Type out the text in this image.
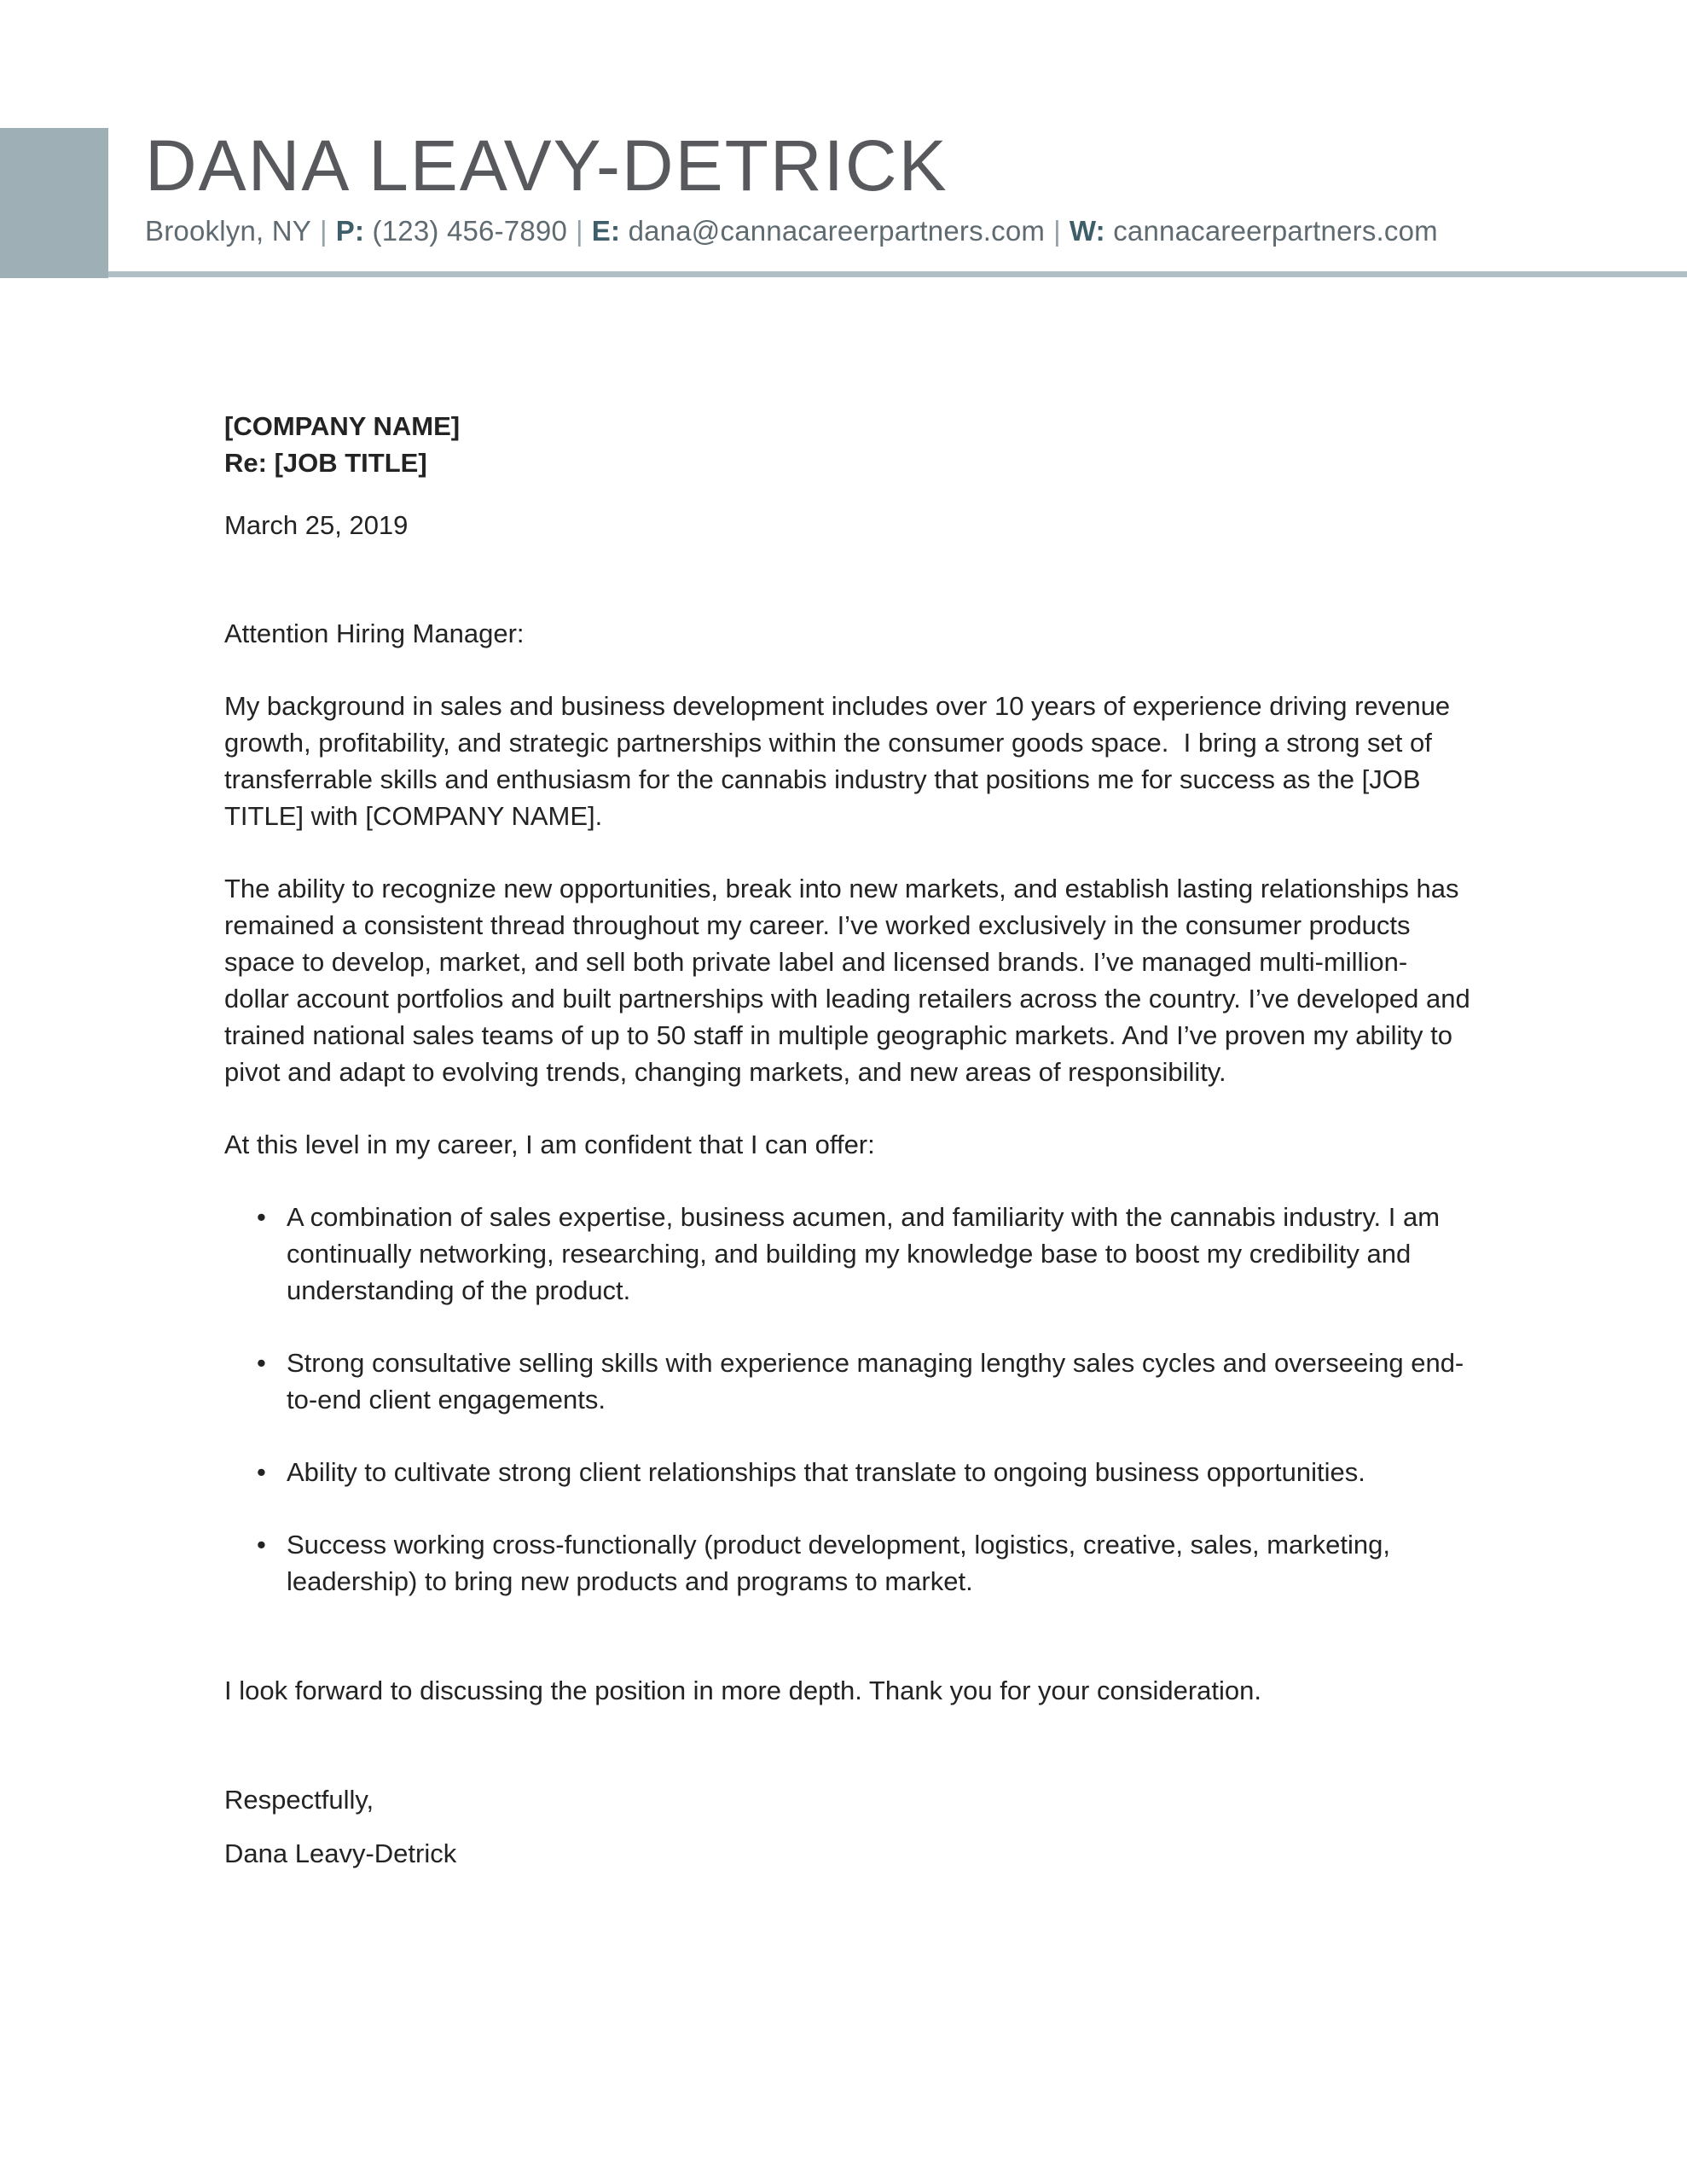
DANA LEAVY-DETRICK
Brooklyn, NY | P: (123) 456-7890 | E: dana@cannacareerpartners.com | W: cannacareerpartners.com
[COMPANY NAME]
Re: [JOB TITLE]
March 25, 2019
Attention Hiring Manager:
My background in sales and business development includes over 10 years of experience driving revenue growth, profitability, and strategic partnerships within the consumer goods space.  I bring a strong set of transferrable skills and enthusiasm for the cannabis industry that positions me for success as the [JOB TITLE] with [COMPANY NAME].
The ability to recognize new opportunities, break into new markets, and establish lasting relationships has remained a consistent thread throughout my career. I’ve worked exclusively in the consumer products space to develop, market, and sell both private label and licensed brands. I’ve managed multi-million-dollar account portfolios and built partnerships with leading retailers across the country. I’ve developed and trained national sales teams of up to 50 staff in multiple geographic markets. And I’ve proven my ability to pivot and adapt to evolving trends, changing markets, and new areas of responsibility.
At this level in my career, I am confident that I can offer:
• A combination of sales expertise, business acumen, and familiarity with the cannabis industry. I am continually networking, researching, and building my knowledge base to boost my credibility and understanding of the product.
• Strong consultative selling skills with experience managing lengthy sales cycles and overseeing end-to-end client engagements.
• Ability to cultivate strong client relationships that translate to ongoing business opportunities.
• Success working cross-functionally (product development, logistics, creative, sales, marketing, leadership) to bring new products and programs to market.
I look forward to discussing the position in more depth. Thank you for your consideration.
Respectfully,
Dana Leavy-Detrick
